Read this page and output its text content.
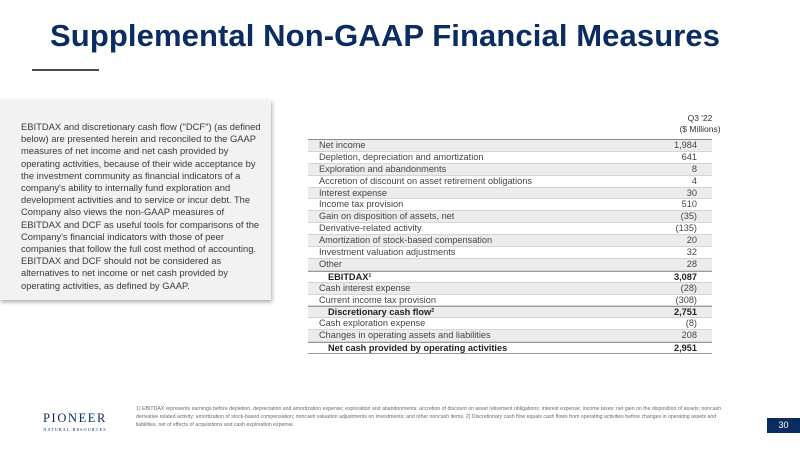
Supplemental Non-GAAP Financial Measures
EBITDAX and discretionary cash flow ("DCF") (as defined below) are presented herein and reconciled to the GAAP measures of net income and net cash provided by operating activities, because of their wide acceptance by the investment community as financial indicators of a company's ability to internally fund exploration and development activities and to service or incur debt. The Company also views the non-GAAP measures of EBITDAX and DCF as useful tools for comparisons of the Company's financial indicators with those of peer companies that follow the full cost method of accounting. EBITDAX and DCF should not be considered as alternatives to net income or net cash provided by operating activities, as defined by GAAP.
Q3 '22
($ Millions)
Net income	1,984
Depletion, depreciation and amortization	641
Exploration and abandonments	8
Accretion of discount on asset retirement obligations	4
Interest expense	30
Income tax provision	510
Gain on disposition of assets, net	(35)
Derivative-related activity	(135)
Amortization of stock-based compensation	20
Investment valuation adjustments	32
Other	28
EBITDAX¹	3,087
Cash interest expense	(28)
Current income tax provision	(308)
Discretionary cash flow²	2,751
Cash exploration expense	(8)
Changes in operating assets and liabilities	208
Net cash provided by operating activities	2,951
PIONEER
NATURAL RESOURCES
1) EBITDAX represents earnings before depletion, depreciation and amortization expense; exploration and abandonments; accretion of discount on asset retirement obligations; interest expense; income taxes; net gain on the disposition of assets; noncash derivative related activity; amortization of stock-based compensation; noncash valuation adjustments on investments; and other noncash items. 2) Discretionary cash flow equals cash flows from operating activities before changes in operating assets and liabilities, net of effects of acquisitions and cash exploration expense.	30
